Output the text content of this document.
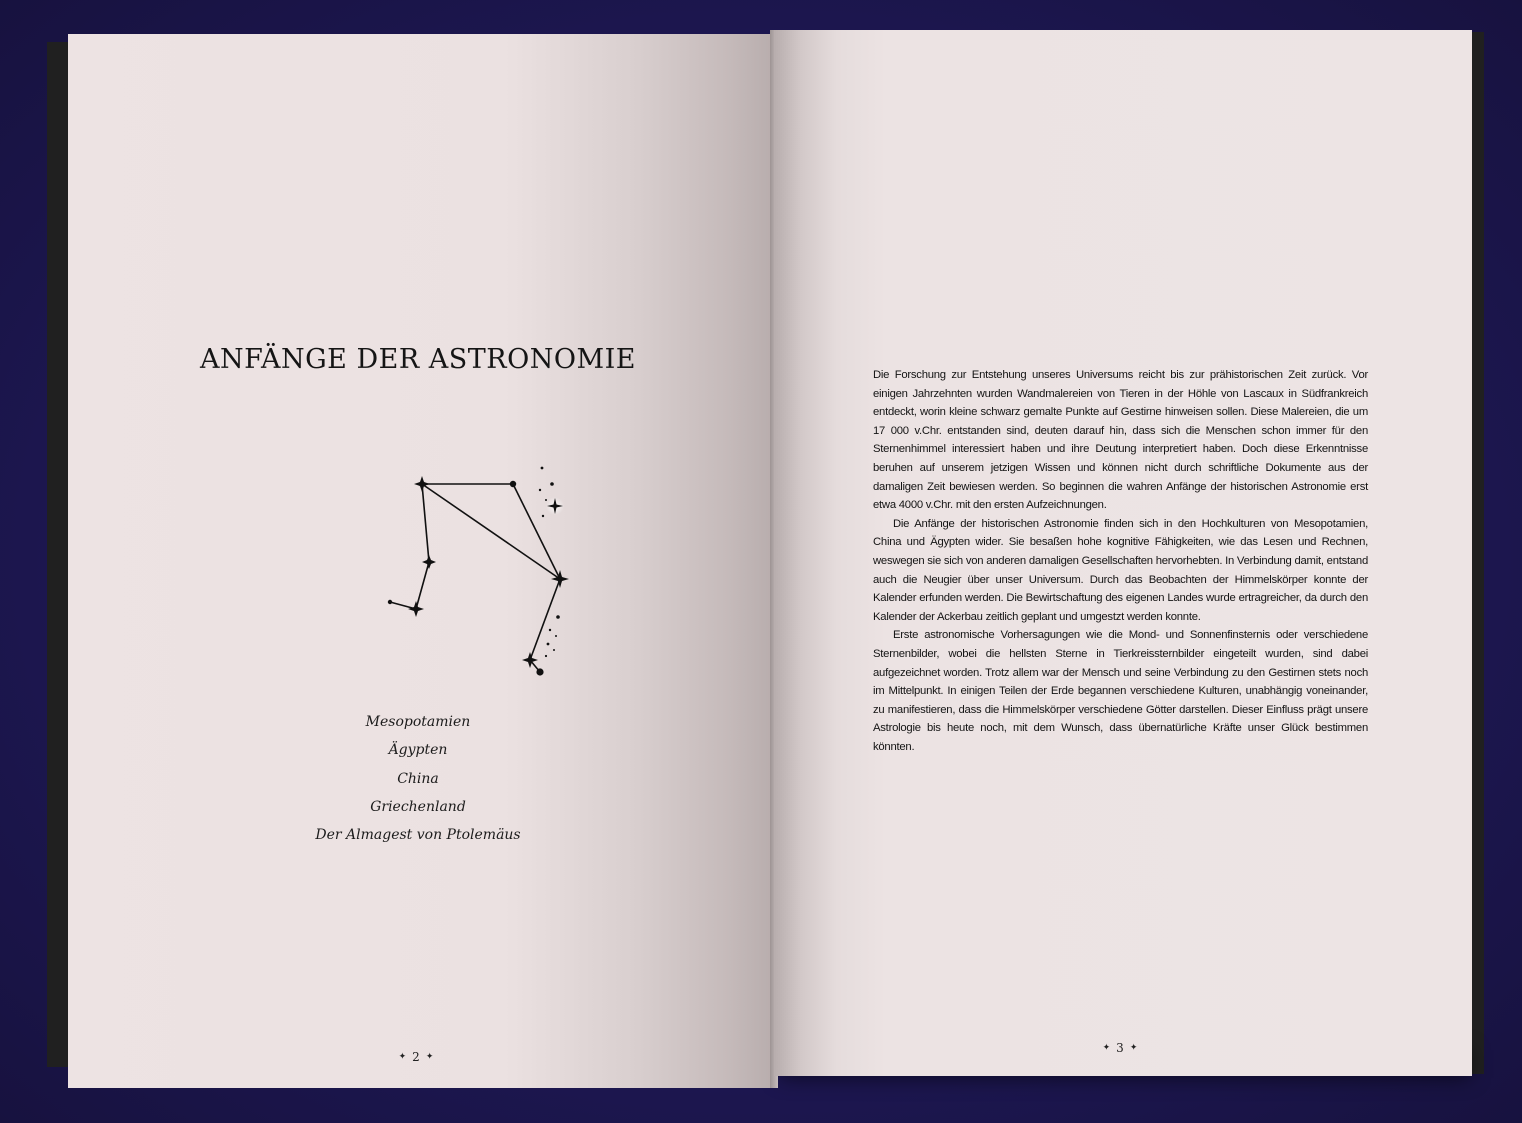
ANFÄNGE DER ASTRONOMIE
Mesopotamien
Ägypten
China
Griechenland
Der Almagest von Ptolemäus
✦ 2 ✦

Die Forschung zur Entstehung unseres Universums reicht bis zur prähistorischen Zeit zurück. Vor einigen Jahrzehnten wurden Wandmalereien von Tieren in der Höhle von Lascaux in Südfrankreich entdeckt, worin kleine schwarz gemalte Punkte auf Gestirne hinweisen sollen. Diese Malereien, die um 17 000 v.Chr. entstanden sind, deuten darauf hin, dass sich die Menschen schon immer für den Sternenhimmel interessiert haben und ihre Deutung interpretiert haben. Doch diese Erkenntnisse beruhen auf unserem jetzigen Wissen und können nicht durch schriftliche Dokumente aus der damaligen Zeit bewiesen werden. So beginnen die wahren Anfänge der historischen Astronomie erst etwa 4000 v.Chr. mit den ersten Aufzeichnungen.

Die Anfänge der historischen Astronomie finden sich in den Hochkulturen von Mesopotamien, China und Ägypten wider. Sie besaßen hohe kognitive Fähigkeiten, wie das Lesen und Rechnen, weswegen sie sich von anderen damaligen Gesellschaften hervorhebten. In Verbindung damit, entstand auch die Neugier über unser Universum. Durch das Beobachten der Himmelskörper konnte der Kalender erfunden werden. Die Bewirtschaftung des eigenen Landes wurde ertragreicher, da durch den Kalender der Ackerbau zeitlich geplant und umgestzt werden konnte.

Erste astronomische Vorhersagungen wie die Mond- und Sonnenfinsternis oder verschiedene Sternenbilder, wobei die hellsten Sterne in Tierkreissternbilder eingeteilt wurden, sind dabei aufgezeichnet worden. Trotz allem war der Mensch und seine Verbindung zu den Gestirnen stets noch im Mittelpunkt. In einigen Teilen der Erde begannen verschiedene Kulturen, unabhängig voneinander, zu manifestieren, dass die Himmelskörper verschiedene Götter darstellen. Dieser Einfluss prägt unsere Astrologie bis heute noch, mit dem Wunsch, dass übernatürliche Kräfte unser Glück bestimmen könnten.

✦ 3 ✦
